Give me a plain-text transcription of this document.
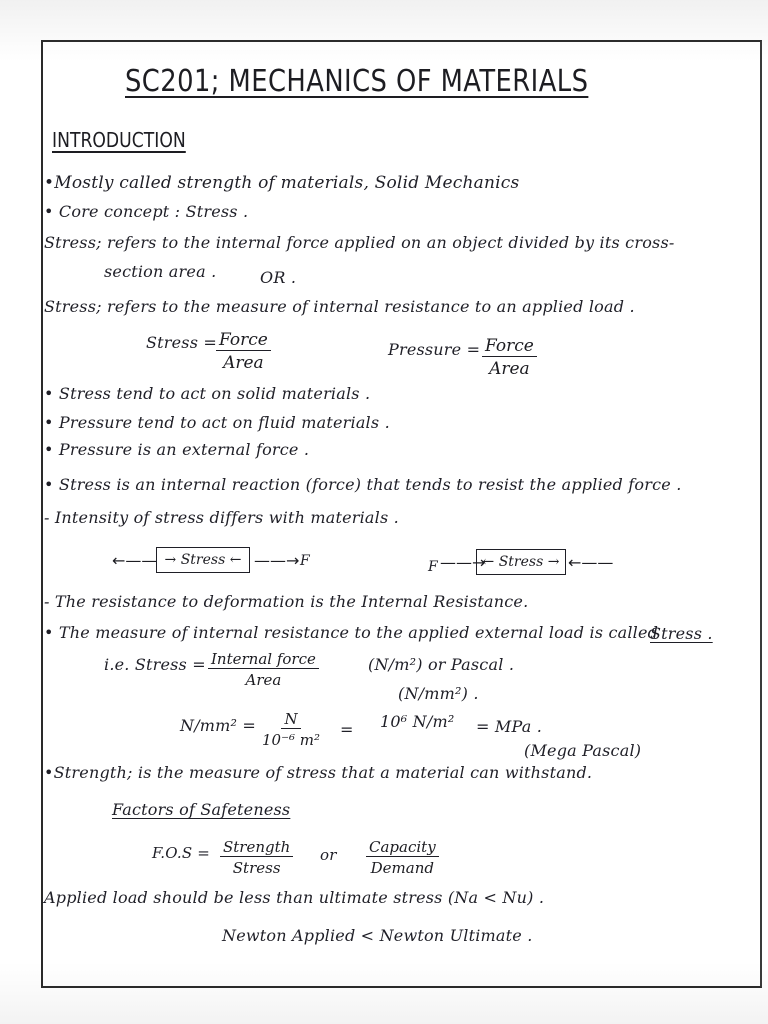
SC201; MECHANICS OF MATERIALS
INTRODUCTION
•Mostly called strength of materials, Solid Mechanics
• Core concept : Stress .
Stress; refers to the internal force applied on an object divided by its cross-
section area .	OR .
Stress; refers to the measure of internal resistance to an applied load .
Stress = Force
Area
Pressure = Force
Area
• Stress tend to act on solid materials .
• Pressure tend to act on fluid materials .
• Pressure is an external force .
• Stress is an internal reaction (force) that tends to resist the applied force .
- Intensity of stress differs with materials .
←—— → Stress ← ——→ F	F ——→
← Stress → ←——
- The resistance to deformation is the Internal Resistance.
• The measure of internal resistance to the applied external load is called
Stress .
i.e. Stress = Internal force
Area
(N/m²) or Pascal .
(N/mm²) .
$N/mm^2 = \frac{N}{\text{10⁻⁶ m²}} = 10^6$ N/m² = MPa .
(Mega Pascal)
•Strength; is the measure of stress that a material can withstand.
Factors of Safeteness
F.O.S = Strength
Stress
or Capacity
Demand
Applied load should be less than ultimate stress (Na < Nu) .
Newton Applied < Newton Ultimate .
